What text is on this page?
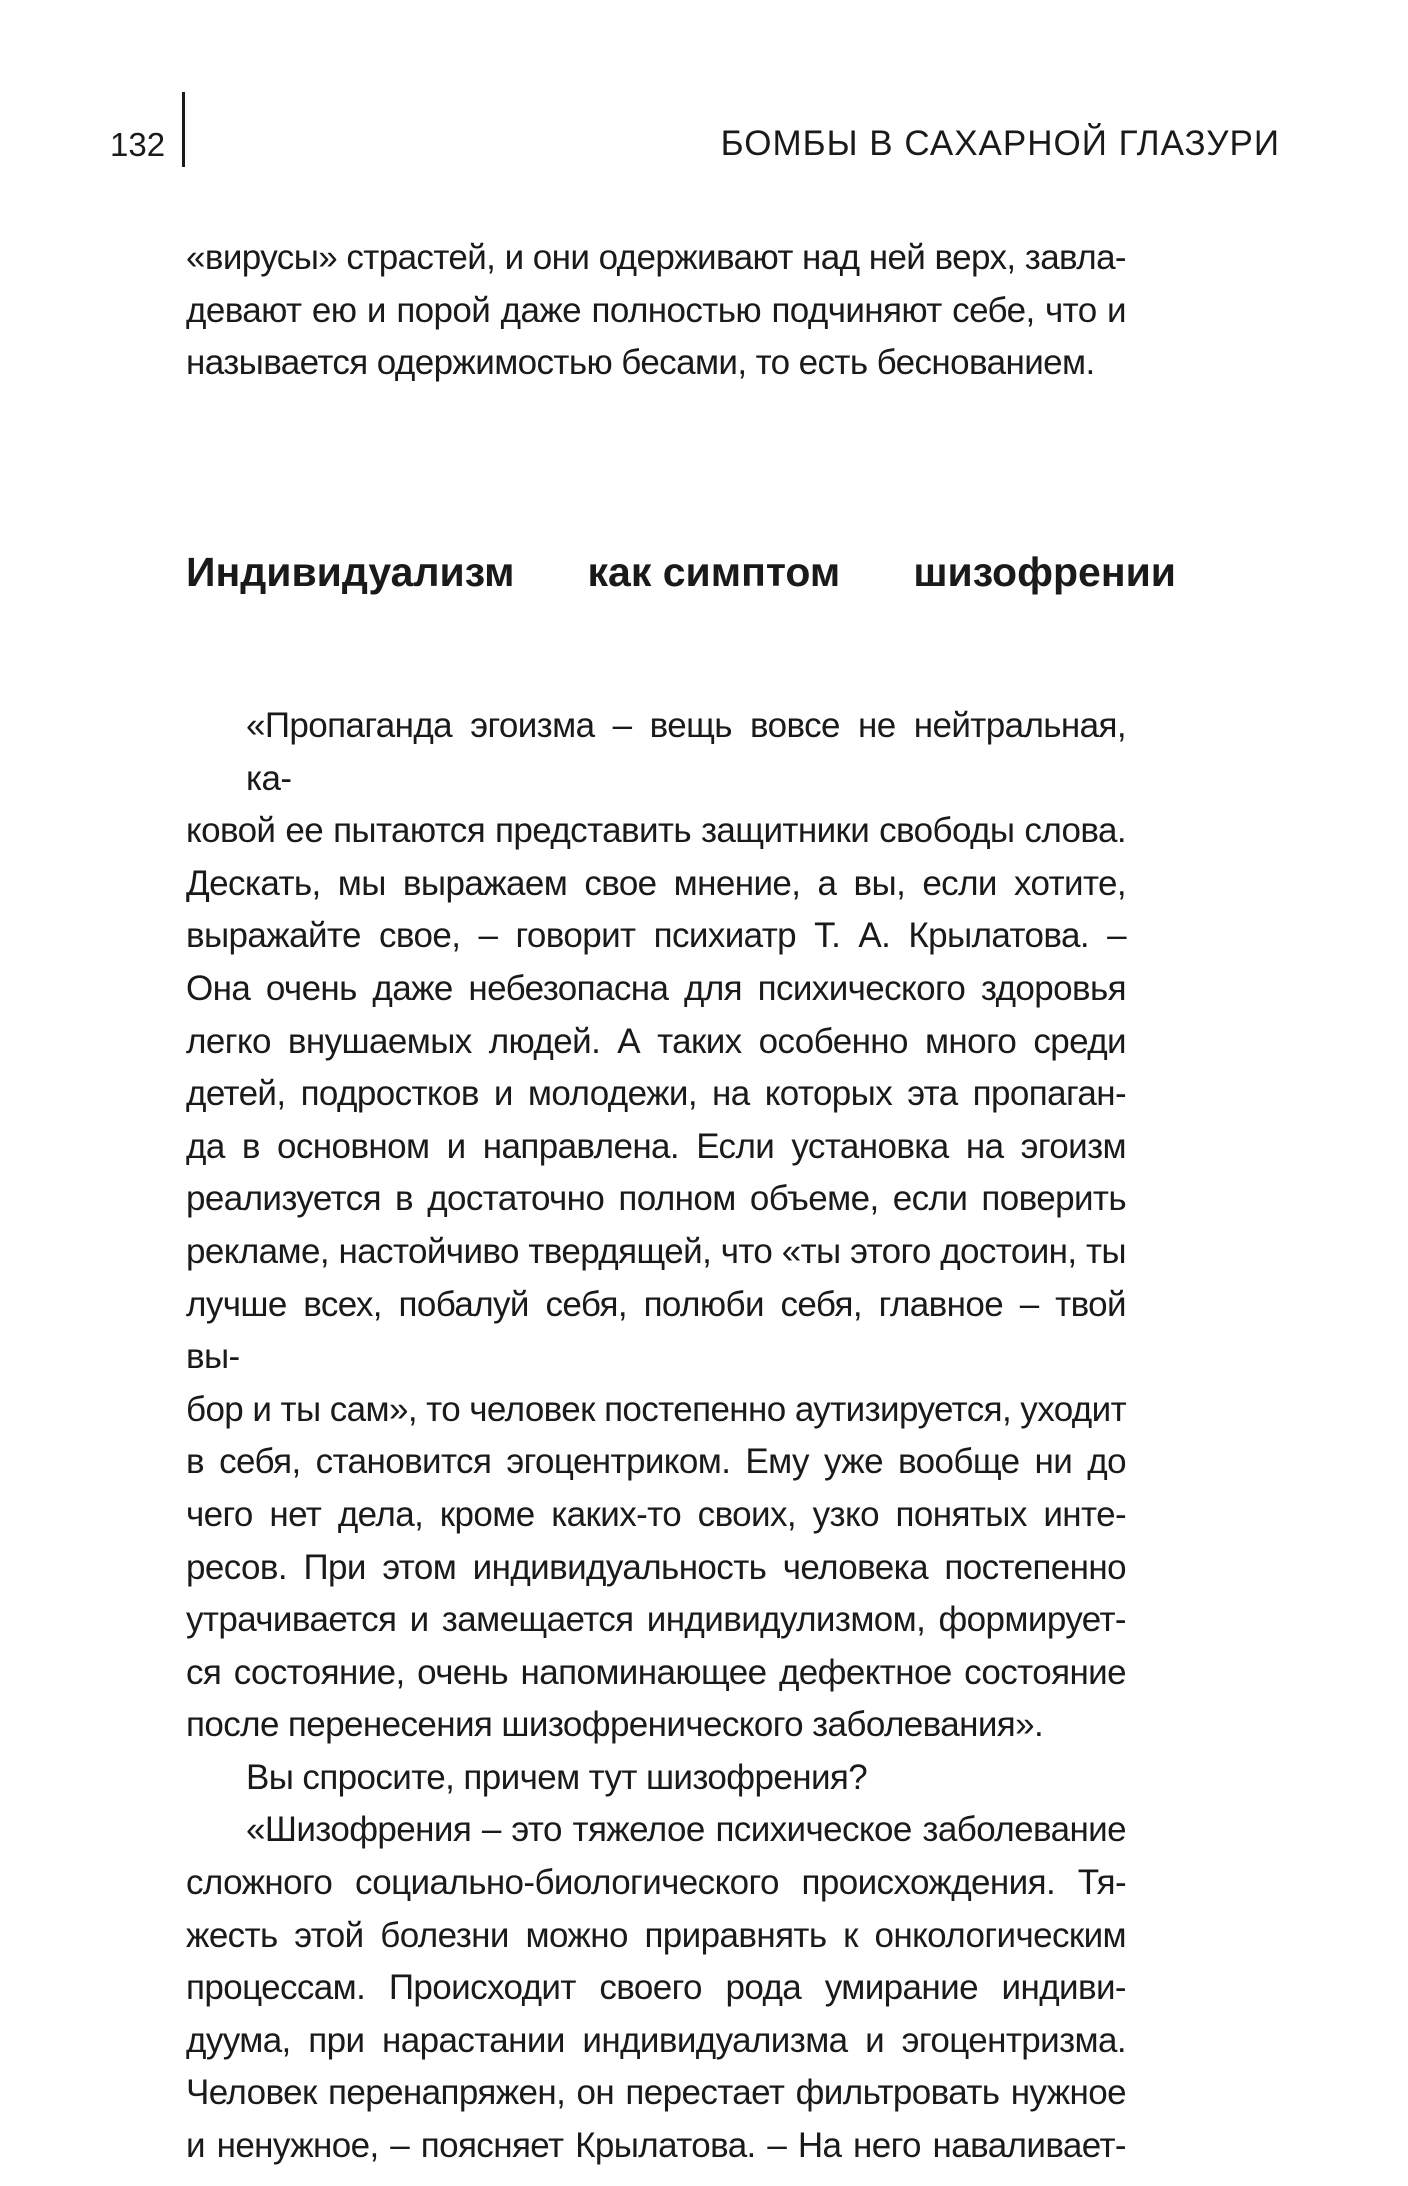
132	БОМБЫ В САХАРНОЙ ГЛАЗУРИ
«вирусы» страстей, и они одерживают над ней верх, завла-
девают ею и порой даже полностью подчиняют себе, что и
называется одержимостью бесами, то есть беснованием.
Индивидуализм как симптом шизофрении
«Пропаганда эгоизма – вещь вовсе не нейтральная, ка-
ковой ее пытаются представить защитники свободы слова.
Дескать, мы выражаем свое мнение, а вы, если хотите,
выражайте свое, – говорит психиатр Т. А. Крылатова. –
Она очень даже небезопасна для психического здоровья
легко внушаемых людей. А таких особенно много среди
детей, подростков и молодежи, на которых эта пропаган-
да в основном и направлена. Если установка на эгоизм
реализуется в достаточно полном объеме, если поверить
рекламе, настойчиво твердящей, что «ты этого достоин, ты
лучше всех, побалуй себя, полюби себя, главное – твой вы-
бор и ты сам», то человек постепенно аутизируется, уходит
в себя, становится эгоцентриком. Ему уже вообще ни до
чего нет дела, кроме каких-то своих, узко понятых инте-
ресов. При этом индивидуальность человека постепенно
утрачивается и замещается индивидулизмом, формирует-
ся состояние, очень напоминающее дефектное состояние
после перенесения шизофренического заболевания».
Вы спросите, причем тут шизофрения?
«Шизофрения – это тяжелое психическое заболевание
сложного социально-биологического происхождения. Тя-
жесть этой болезни можно приравнять к онкологическим
процессам. Происходит своего рода умирание индиви-
дуума, при нарастании индивидуализма и эгоцентризма.
Человек перенапряжен, он перестает фильтровать нужное
и ненужное, – поясняет Крылатова. – На него наваливает-
